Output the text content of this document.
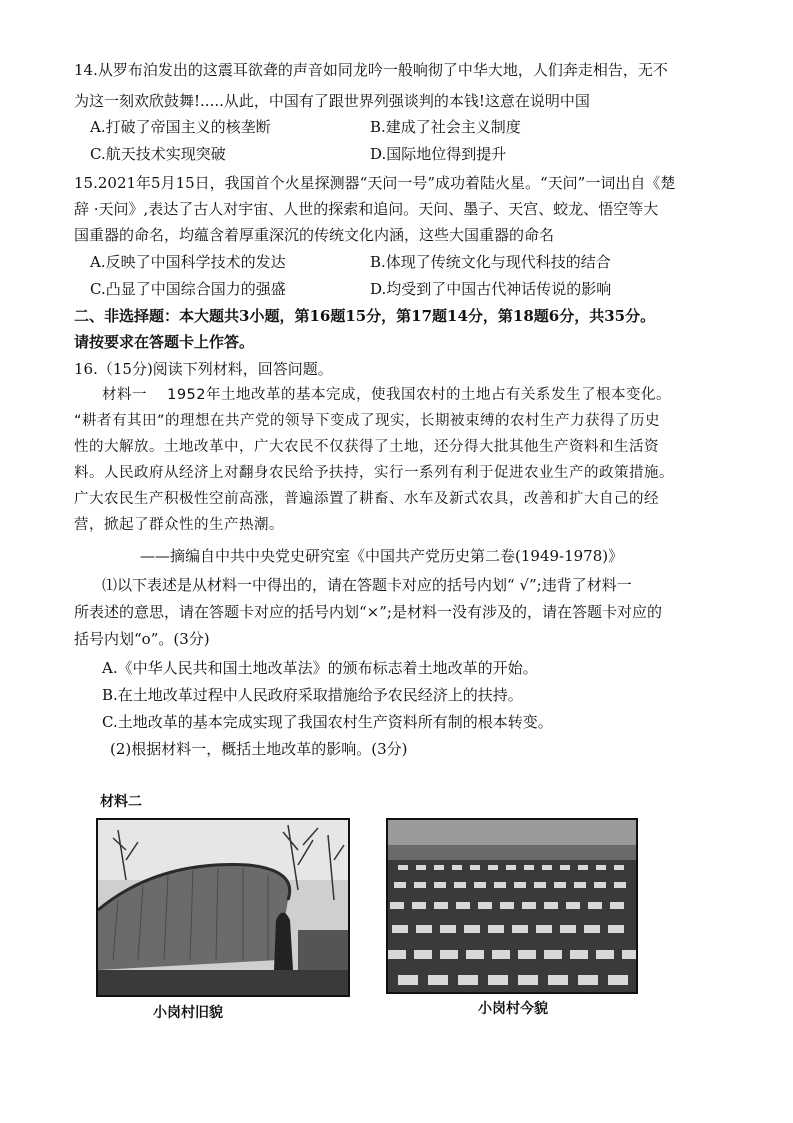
14.从罗布泊发出的这震耳欲聋的声音如同龙吟一般响彻了中华大地，人们奔走相告，无不
为这一刻欢欣鼓舞!.....从此，中国有了跟世界列强谈判的本钱!这意在说明中国
A.打破了帝国主义的核垄断	B.建成了社会主义制度
C.航天技术实现突破	D.国际地位得到提升
15.2021年5月15日，我国首个火星探测器“天问一号”成功着陆火星。“天问”一词出自《楚
辞 ·天问》,表达了古人对宇宙、人世的探索和追问。天问、墨子、天宫、蛟龙、悟空等大
国重器的命名，均蕴含着厚重深沉的传统文化内涵，这些大国重器的命名
A.反映了中国科学技术的发达	B.体现了传统文化与现代科技的结合
C.凸显了中国综合国力的强盛	D.均受到了中国古代神话传说的影响
二、非选择题：本大题共3小题，第16题15分，第17题14分，第18题6分，共35分。
请按要求在答题卡上作答。
16.（15分)阅读下列材料，回答问题。
材料一　 1952年土地改革的基本完成，使我国农村的土地占有关系发生了根本变化。
“耕者有其田”的理想在共产党的领导下变成了现实，长期被束缚的农村生产力获得了历史
性的大解放。土地改革中，广大农民不仅获得了土地，还分得大批其他生产资料和生活资
料。人民政府从经济上对翻身农民给予扶持，实行一系列有利于促进农业生产的政策措施。
广大农民生产积极性空前高涨，普遍添置了耕畜、水车及新式农具，改善和扩大自己的经
营，掀起了群众性的生产热潮。
——摘编自中共中央党史研究室《中国共产党历史第二卷(1949-1978)》
⑴以下表述是从材料一中得出的，请在答题卡对应的括号内划“ √”;违背了材料一
所表述的意思，请在答题卡对应的括号内划“×”;是材料一没有涉及的，请在答题卡对应的
括号内划“o”。(3分)
A.《中华人民共和国土地改革法》的颁布标志着土地改革的开始。
B.在土地改革过程中人民政府采取措施给予农民经济上的扶持。
C.土地改革的基本完成实现了我国农村生产资料所有制的根本转变。
(2)根据材料一，概括土地改革的影响。(3分)
材料二
小岗村旧貌	小岗村今貌
